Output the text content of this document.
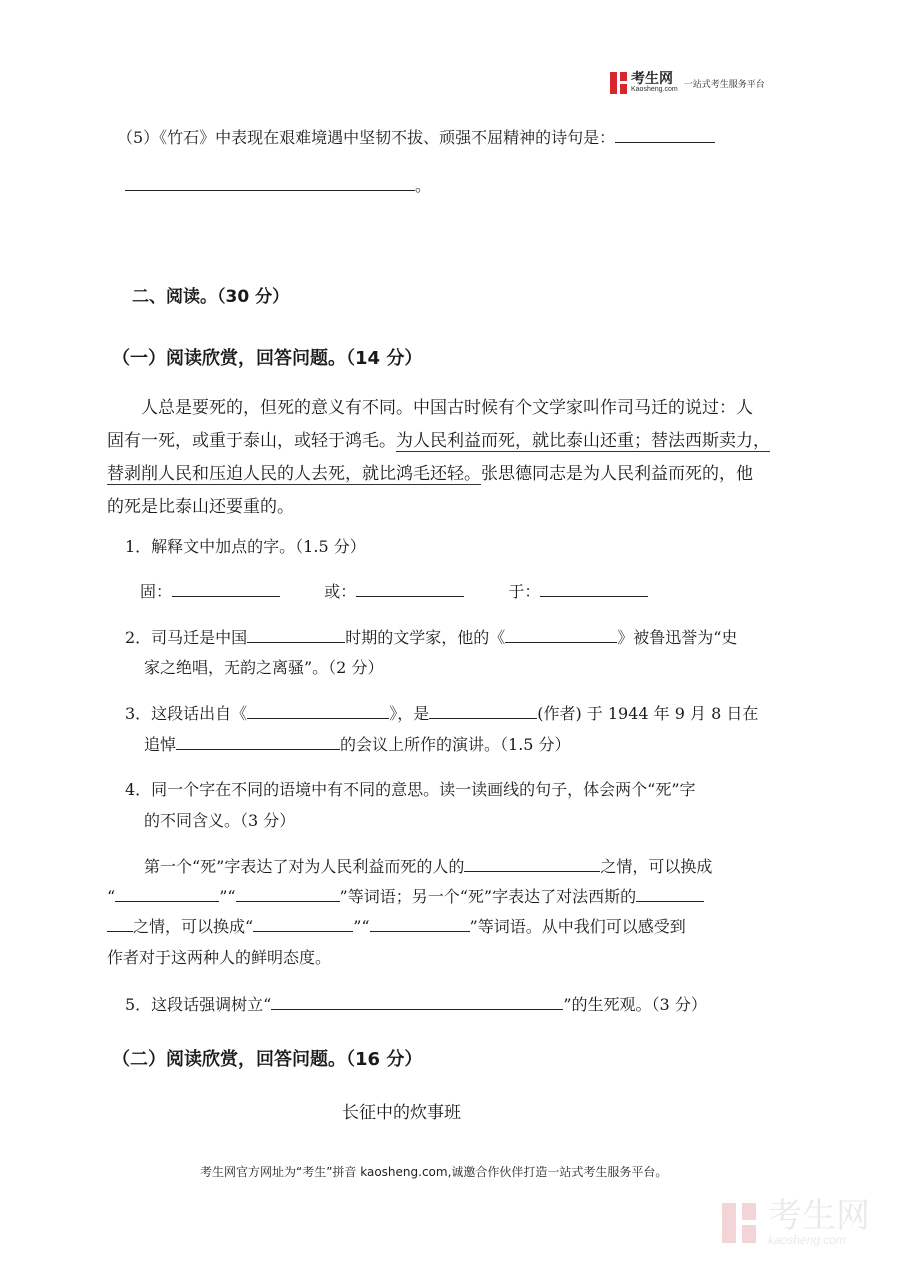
考生网
Kaosheng.com 一站式考生服务平台
（5）《竹石》中表现在艰难境遇中坚韧不拔、顽强不屈精神的诗句是：
。
二、阅读。（30 分）
（一）阅读欣赏，回答问题。（14 分）
人总是要死的，但死的意义有不同。中国古时候有个文学家叫作司马迁的说过：人
固有一死，或重于泰山，或轻于鸿毛。为人民利益而死，就比泰山还重；替法西斯卖力，
替剥削人民和压迫人民的人去死，就比鸿毛还轻。张思德同志是为人民利益而死的，他
的死是比泰山还要重的。
1．解释文中加点的字。（1.5 分）
固：	或：	于：
2．司马迁是中国	时期的文学家，他的《	》被鲁迅誉为“史
家之绝唱，无韵之离骚”。（2 分）
3．这段话出自《	》，是	(作者) 于 1944 年 9 月 8 日在
追悼	的会议上所作的演讲。（1.5 分）
4．同一个字在不同的语境中有不同的意思。读一读画线的句子，体会两个“死”字
的不同含义。（3 分）
第一个“死”字表达了对为人民利益而死的人的	之情，可以换成
“	”“	”等词语；另一个“死”字表达了对法西斯的
之情，可以换成“	”“	”等词语。从中我们可以感受到
作者对于这两种人的鲜明态度。
5．这段话强调树立“	”的生死观。（3 分）
（二）阅读欣赏，回答问题。（16 分）
长征中的炊事班
考生网官方网址为“考生”拼音 kaosheng.com,诚邀合作伙伴打造一站式考生服务平台。
考生网
kaosheng.com
